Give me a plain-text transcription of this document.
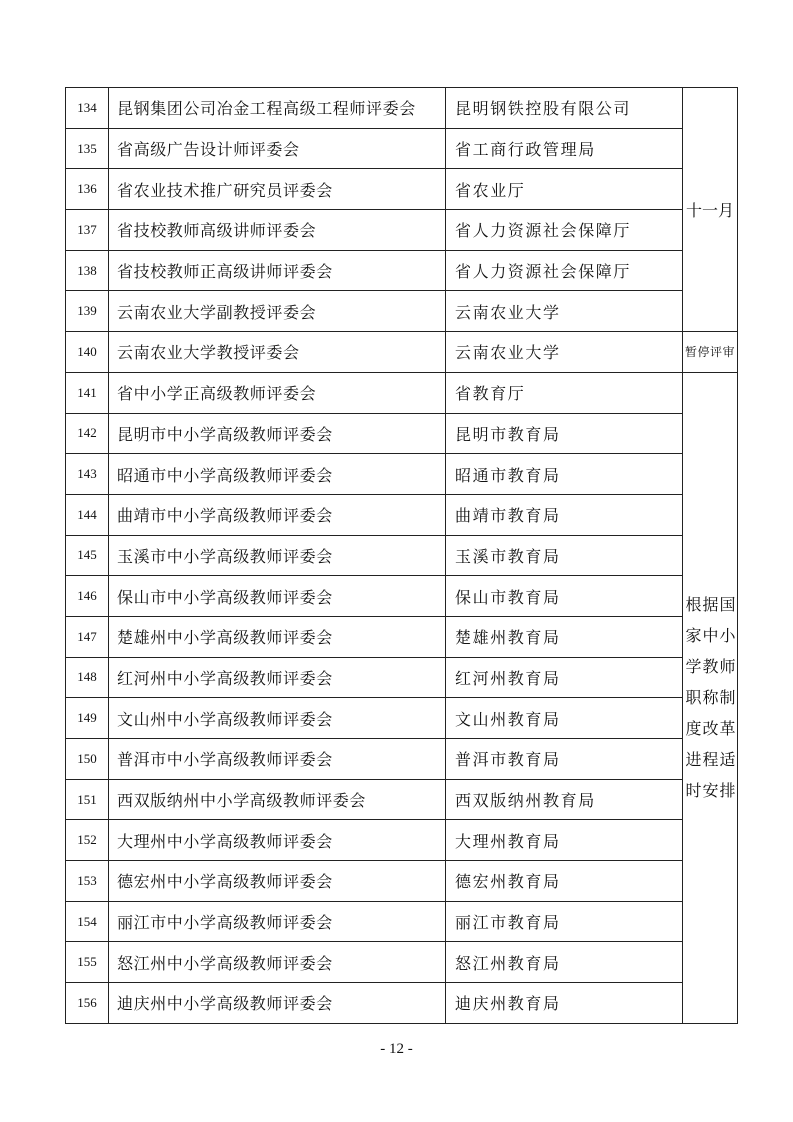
134	昆钢集团公司冶金工程高级工程师评委会	昆明钢铁控股有限公司	十一月
135	省高级广告设计师评委会	省工商行政管理局	
136	省农业技术推广研究员评委会	省农业厅	
137	省技校教师高级讲师评委会	省人力资源社会保障厅	
138	省技校教师正高级讲师评委会	省人力资源社会保障厅	
139	云南农业大学副教授评委会	云南农业大学	
140	云南农业大学教授评委会	云南农业大学	暂停评审
141	省中小学正高级教师评委会	省教育厅	根据国家中小学教师职称制度改革进程适时安排
142	昆明市中小学高级教师评委会	昆明市教育局	
143	昭通市中小学高级教师评委会	昭通市教育局	
144	曲靖市中小学高级教师评委会	曲靖市教育局	
145	玉溪市中小学高级教师评委会	玉溪市教育局	
146	保山市中小学高级教师评委会	保山市教育局	
147	楚雄州中小学高级教师评委会	楚雄州教育局	
148	红河州中小学高级教师评委会	红河州教育局	
149	文山州中小学高级教师评委会	文山州教育局	
150	普洱市中小学高级教师评委会	普洱市教育局	
151	西双版纳州中小学高级教师评委会	西双版纳州教育局	
152	大理州中小学高级教师评委会	大理州教育局	
153	德宏州中小学高级教师评委会	德宏州教育局	
154	丽江市中小学高级教师评委会	丽江市教育局	
155	怒江州中小学高级教师评委会	怒江州教育局	
156	迪庆州中小学高级教师评委会	迪庆州教育局	
- 12 -
